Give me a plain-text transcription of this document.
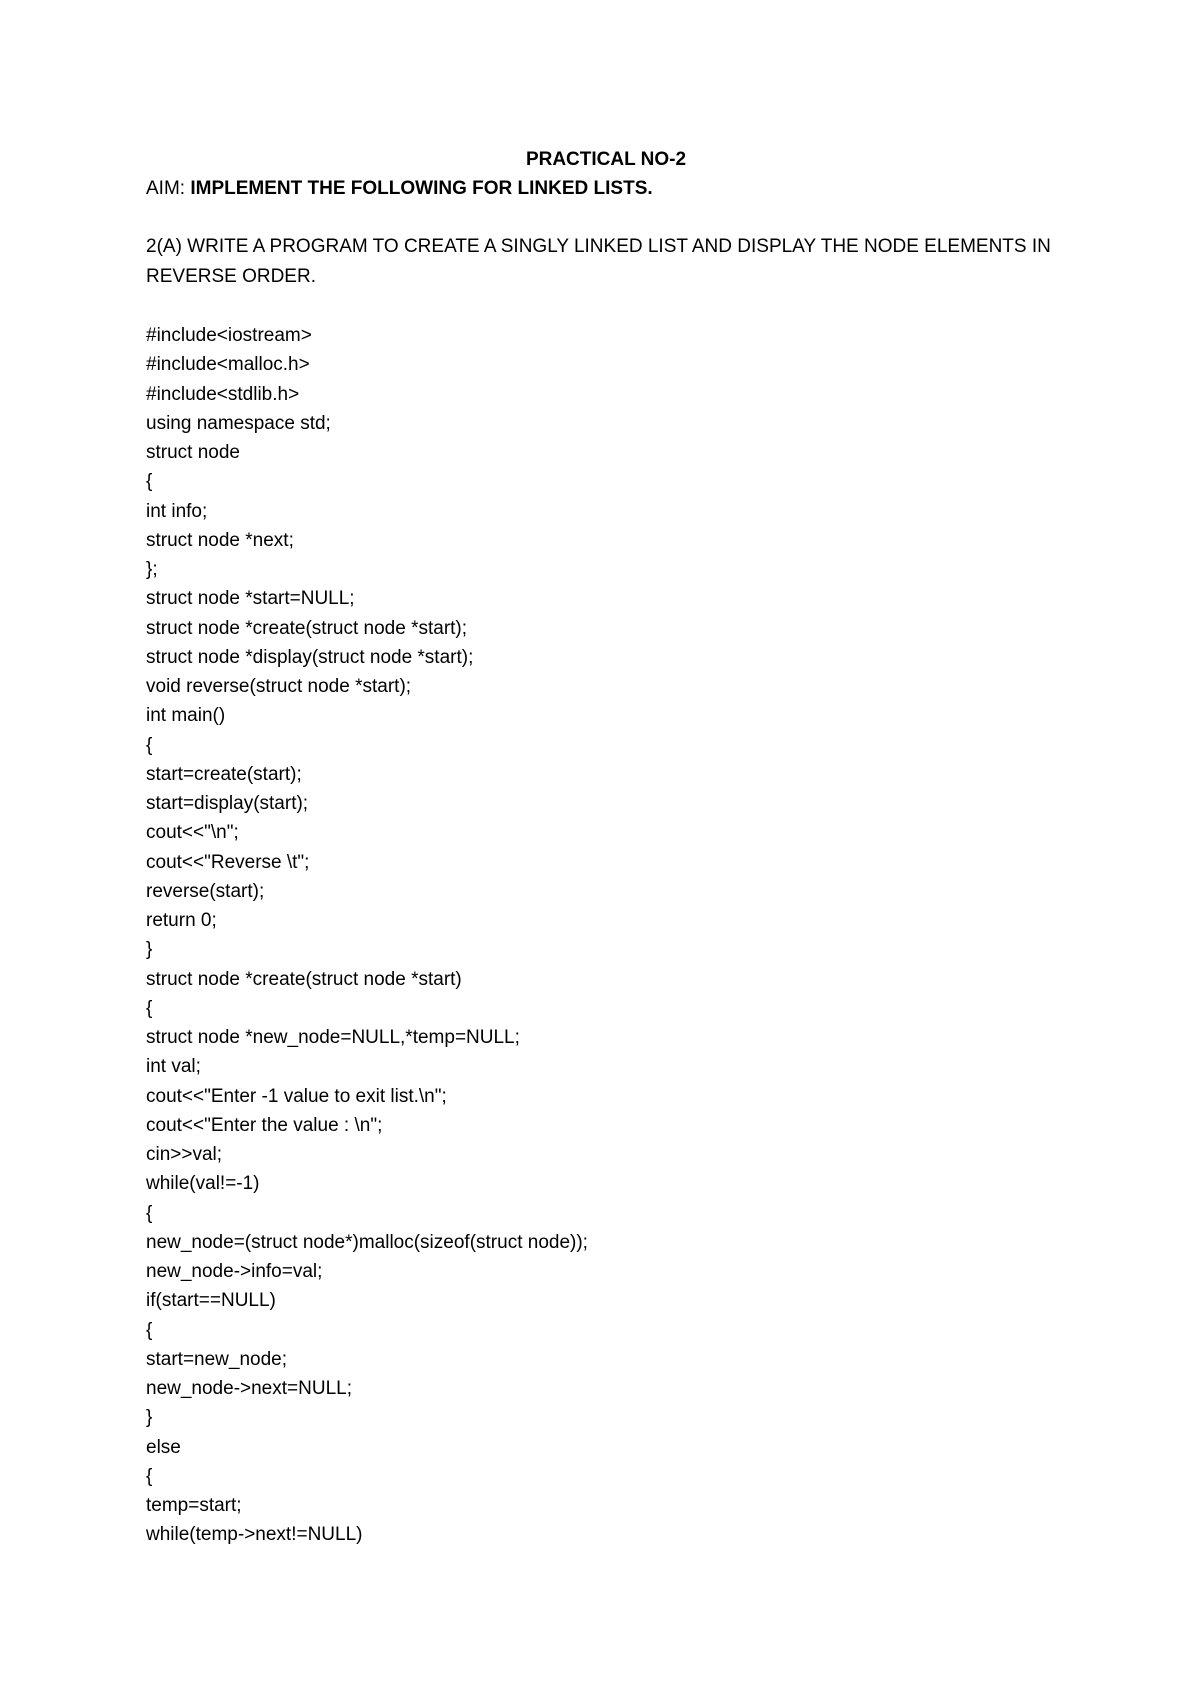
PRACTICAL NO-2

AIM: IMPLEMENT THE FOLLOWING FOR LINKED LISTS.

2(A) WRITE A PROGRAM TO CREATE A SINGLY LINKED LIST AND DISPLAY THE NODE ELEMENTS IN REVERSE ORDER.

#include<iostream>
#include<malloc.h>
#include<stdlib.h>
using namespace std;
struct node
{
int info;
struct node *next;
};
struct node *start=NULL;
struct node *create(struct node *start);
struct node *display(struct node *start);
void reverse(struct node *start);
int main()
{
start=create(start);
start=display(start);
cout<<"\n";
cout<<"Reverse \t";
reverse(start);
return 0;
}
struct node *create(struct node *start)
{
struct node *new_node=NULL,*temp=NULL;
int val;
cout<<"Enter -1 value to exit list.\n";
cout<<"Enter the value : \n";
cin>>val;
while(val!=-1)
{
new_node=(struct node*)malloc(sizeof(struct node));
new_node->info=val;
if(start==NULL)
{
start=new_node;
new_node->next=NULL;
}
else
{
temp=start;
while(temp->next!=NULL)
